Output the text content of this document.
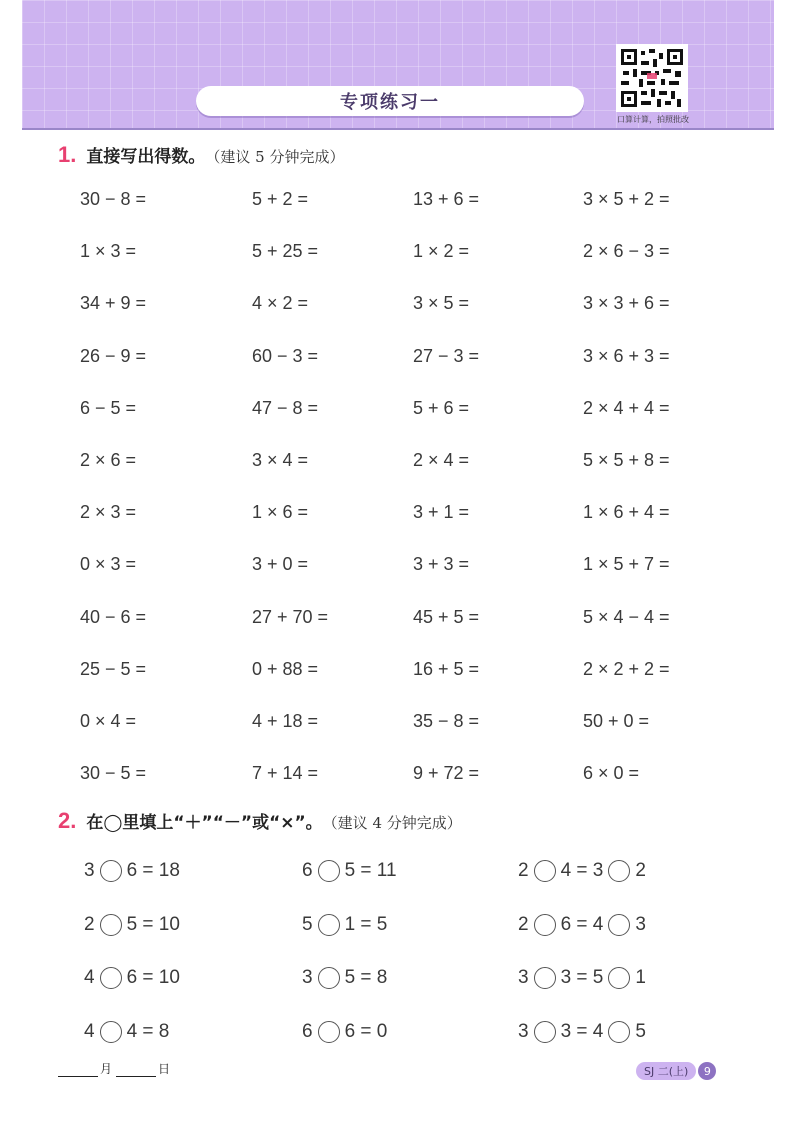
专项练习一
口算计算，拍照批改
1. 直接写出得数。 （建议 5 分钟完成）
30 − 8 =	5 + 2 =	13 + 6 =	3 × 5 + 2 =
1 × 3 =	5 + 25 =	1 × 2 =	2 × 6 − 3 =
34 + 9 =	4 × 2 =	3 × 5 =	3 × 3 + 6 =
26 − 9 =	60 − 3 =	27 − 3 =	3 × 6 + 3 =
6 − 5 =	47 − 8 =	5 + 6 =	2 × 4 + 4 =
2 × 6 =	3 × 4 =	2 × 4 =	5 × 5 + 8 =
2 × 3 =	1 × 6 =	3 + 1 =	1 × 6 + 4 =
0 × 3 =	3 + 0 =	3 + 3 =	1 × 5 + 7 =
40 − 6 =	27 + 70 =	45 + 5 =	5 × 4 − 4 =
25 − 5 =	0 + 88 =	16 + 5 =	2 × 2 + 2 =
0 × 4 =	4 + 18 =	35 − 8 =	50 + 0 =
30 − 5 =	7 + 14 =	9 + 72 =	6 × 0 =
2. 在◯里填上“＋”“－”或“×”。 （建议 4 分钟完成）
3 6 = 18	6 5 = 11	2 4 = 3 2
2 5 = 10	5 1 = 5	2 6 = 4 3
4 6 = 10	3 5 = 8	3 3 = 5 1
4 4 = 8	6 6 = 0	3 3 = 4 5
月	日	SJ 二(上)	9
